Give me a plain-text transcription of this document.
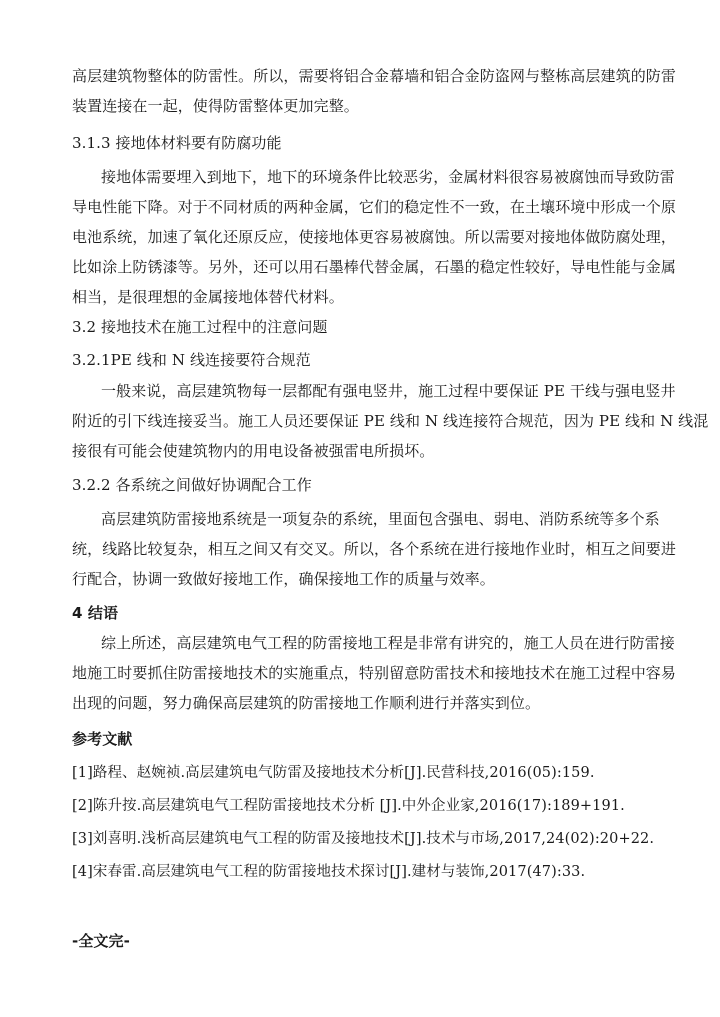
高层建筑物整体的防雷性。所以，需要将铝合金幕墙和铝合金防盗网与整栋高层建筑的防雷
装置连接在一起，使得防雷整体更加完整。
3.1.3 接地体材料要有防腐功能
接地体需要埋入到地下，地下的环境条件比较恶劣，金属材料很容易被腐蚀而导致防雷
导电性能下降。对于不同材质的两种金属，它们的稳定性不一致，在土壤环境中形成一个原
电池系统，加速了氧化还原反应，使接地体更容易被腐蚀。所以需要对接地体做防腐处理，
比如涂上防锈漆等。另外，还可以用石墨棒代替金属，石墨的稳定性较好，导电性能与金属
相当，是很理想的金属接地体替代材料。
3.2 接地技术在施工过程中的注意问题
3.2.1PE 线和 N 线连接要符合规范
一般来说，高层建筑物每一层都配有强电竖井，施工过程中要保证 PE 干线与强电竖井
附近的引下线连接妥当。施工人员还要保证 PE 线和 N 线连接符合规范，因为 PE 线和 N 线混
接很有可能会使建筑物内的用电设备被强雷电所损坏。
3.2.2 各系统之间做好协调配合工作
高层建筑防雷接地系统是一项复杂的系统，里面包含强电、弱电、消防系统等多个系
统，线路比较复杂，相互之间又有交叉。所以，各个系统在进行接地作业时，相互之间要进
行配合，协调一致做好接地工作，确保接地工作的质量与效率。
4 结语
综上所述，高层建筑电气工程的防雷接地工程是非常有讲究的，施工人员在进行防雷接
地施工时要抓住防雷接地技术的实施重点，特别留意防雷技术和接地技术在施工过程中容易
出现的问题，努力确保高层建筑的防雷接地工作顺利进行并落实到位。
参考文献
[1]路程、赵婉祯.高层建筑电气防雷及接地技术分析[J].民营科技,2016(05):159.
[2]陈升按.高层建筑电气工程防雷接地技术分析 [J].中外企业家,2016(17):189+191.
[3]刘喜明.浅析高层建筑电气工程的防雷及接地技术[J].技术与市场,2017,24(02):20+22.
[4]宋春雷.高层建筑电气工程的防雷接地技术探讨[J].建材与装饰,2017(47):33.
-全文完-
